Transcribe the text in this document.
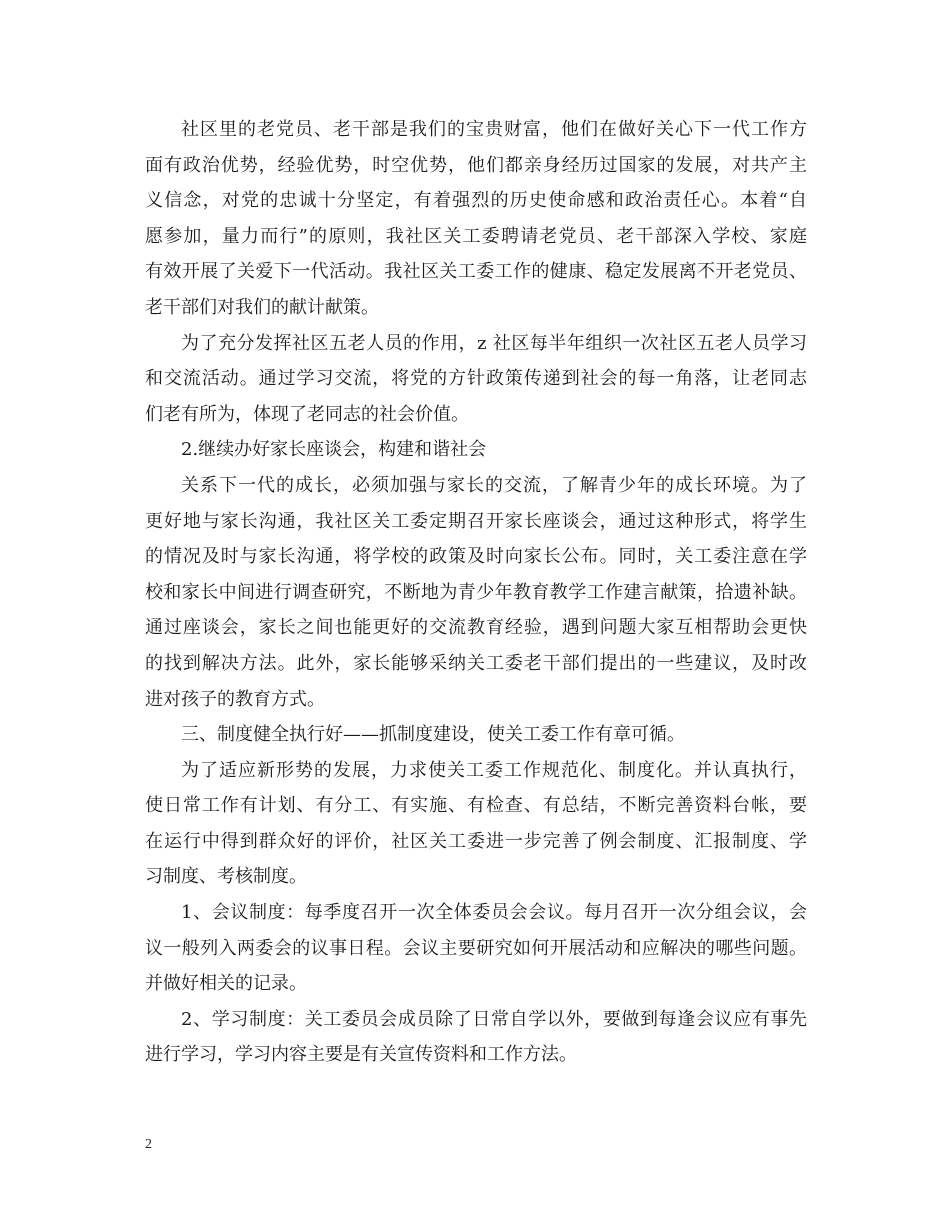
社区里的老党员、老干部是我们的宝贵财富，他们在做好关心下一代工作方
面有政治优势，经验优势，时空优势，他们都亲身经历过国家的发展，对共产主
义信念，对党的忠诚十分坚定，有着强烈的历史使命感和政治责任心。本着“自
愿参加，量力而行”的原则，我社区关工委聘请老党员、老干部深入学校、家庭
有效开展了关爱下一代活动。我社区关工委工作的健康、稳定发展离不开老党员、
老干部们对我们的献计献策。
为了充分发挥社区五老人员的作用，z 社区每半年组织一次社区五老人员学习
和交流活动。通过学习交流，将党的方针政策传递到社会的每一角落，让老同志
们老有所为，体现了老同志的社会价值。
2.继续办好家长座谈会，构建和谐社会
关系下一代的成长，必须加强与家长的交流，了解青少年的成长环境。为了
更好地与家长沟通，我社区关工委定期召开家长座谈会，通过这种形式，将学生
的情况及时与家长沟通，将学校的政策及时向家长公布。同时，关工委注意在学
校和家长中间进行调查研究，不断地为青少年教育教学工作建言献策，拾遗补缺。
通过座谈会，家长之间也能更好的交流教育经验，遇到问题大家互相帮助会更快
的找到解决方法。此外，家长能够采纳关工委老干部们提出的一些建议，及时改
进对孩子的教育方式。
三、制度健全执行好——抓制度建设，使关工委工作有章可循。
为了适应新形势的发展，力求使关工委工作规范化、制度化。并认真执行，
使日常工作有计划、有分工、有实施、有检查、有总结，不断完善资料台帐，要
在运行中得到群众好的评价，社区关工委进一步完善了例会制度、汇报制度、学
习制度、考核制度。
1、会议制度：每季度召开一次全体委员会会议。每月召开一次分组会议，会
议一般列入两委会的议事日程。会议主要研究如何开展活动和应解决的哪些问题。
并做好相关的记录。
2、学习制度：关工委员会成员除了日常自学以外，要做到每逢会议应有事先
进行学习，学习内容主要是有关宣传资料和工作方法。
2
